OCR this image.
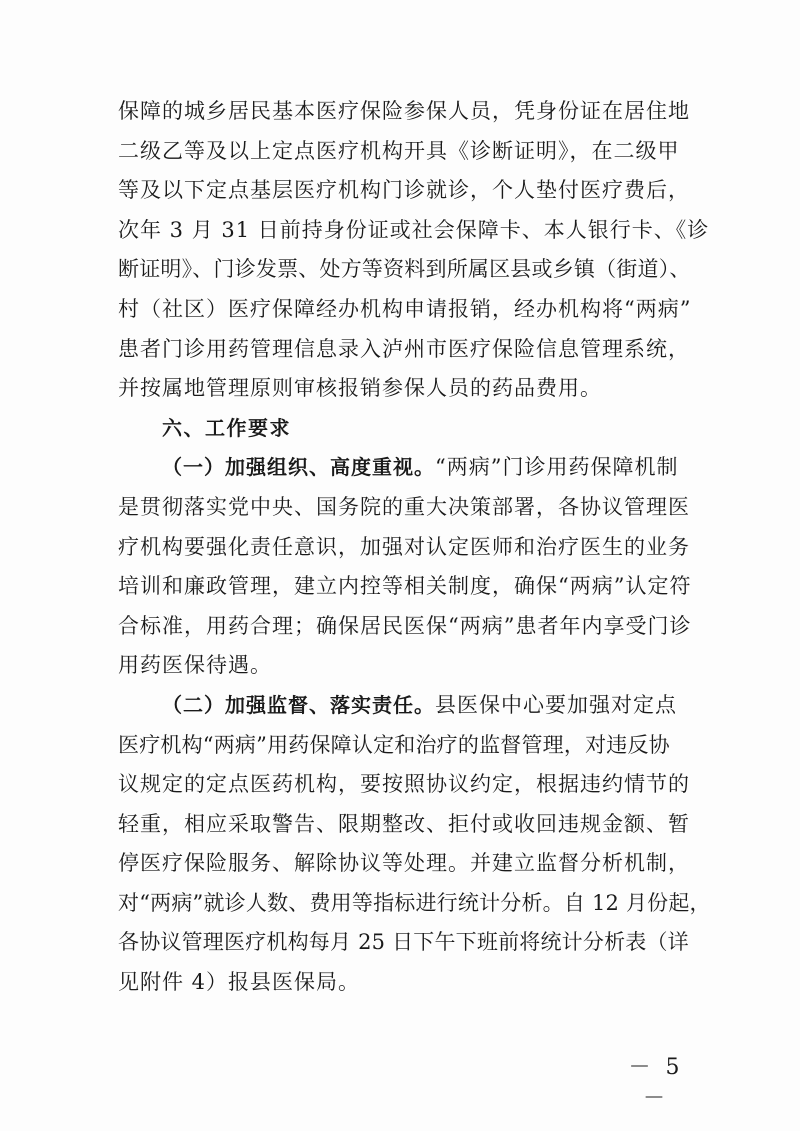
保障的城乡居民基本医疗保险参保人员，凭身份证在居住地
二级乙等及以上定点医疗机构开具《诊断证明》，在二级甲
等及以下定点基层医疗机构门诊就诊，个人垫付医疗费后，
次年 3 月 31 日前持身份证或社会保障卡、本人银行卡、《诊
断证明》、门诊发票、处方等资料到所属区县或乡镇（街道）、
村（社区）医疗保障经办机构申请报销，经办机构将“两病”
患者门诊用药管理信息录入泸州市医疗保险信息管理系统，
并按属地管理原则审核报销参保人员的药品费用。
六、工作要求
（一）加强组织、高度重视。“两病”门诊用药保障机制
是贯彻落实党中央、国务院的重大决策部署，各协议管理医
疗机构要强化责任意识，加强对认定医师和治疗医生的业务
培训和廉政管理，建立内控等相关制度，确保“两病”认定符
合标准，用药合理；确保居民医保“两病”患者年内享受门诊
用药医保待遇。
（二）加强监督、落实责任。县医保中心要加强对定点
医疗机构“两病”用药保障认定和治疗的监督管理，对违反协
议规定的定点医药机构，要按照协议约定，根据违约情节的
轻重，相应采取警告、限期整改、拒付或收回违规金额、暂
停医疗保险服务、解除协议等处理。并建立监督分析机制，
对“两病”就诊人数、费用等指标进行统计分析。自 12 月份起，
各协议管理医疗机构每月 25 日下午下班前将统计分析表（详
见附件 4）报县医保局。
－ 5 －
